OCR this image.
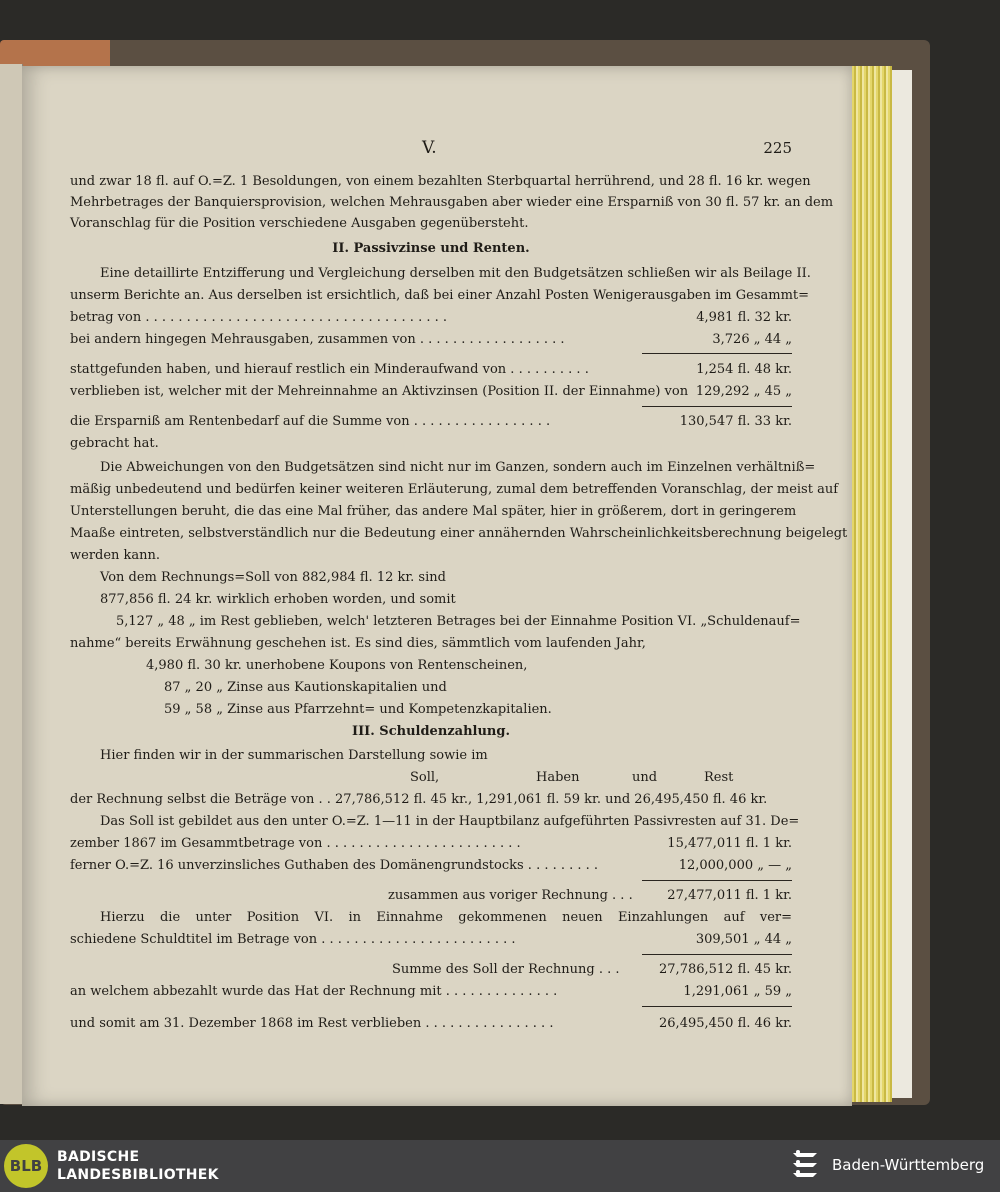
V.	225
und zwar 18 fl. auf O.=Z. 1 Besoldungen, von einem bezahlten Sterbquartal herrührend, und 28 fl. 16 kr. wegen
Mehrbetrages der Banquiersprovision, welchen Mehrausgaben aber wieder eine Ersparniß von 30 fl. 57 kr. an dem
Voranschlag für die Position verschiedene Ausgaben gegenübersteht.
II. Passivzinse und Renten.
Eine detaillirte Entzifferung und Vergleichung derselben mit den Budgetsätzen schließen wir als Beilage II.
unserm Berichte an. Aus derselben ist ersichtlich, daß bei einer Anzahl Posten Wenigerausgaben im Gesammt=
betrag von . . . . . . . . . . . . . . . . . . . . . . . . . . . . . . . . . . . . .	4,981 fl. 32 kr.
bei andern hingegen Mehrausgaben, zusammen von . . . . . . . . . . . . . . . . . .	3,726 „ 44 „
stattgefunden haben, und hierauf restlich ein Minderaufwand von . . . . . . . . . .	1,254 fl. 48 kr.
verblieben ist, welcher mit der Mehreinnahme an Aktivzinsen (Position II. der Einnahme) von 129,292 „ 45 „
die Ersparniß am Rentenbedarf auf die Summe von . . . . . . . . . . . . . . . . .	130,547 fl. 33 kr.
gebracht hat.
Die Abweichungen von den Budgetsätzen sind nicht nur im Ganzen, sondern auch im Einzelnen verhältniß=
mäßig unbedeutend und bedürfen keiner weiteren Erläuterung, zumal dem betreffenden Voranschlag, der meist auf
Unterstellungen beruht, die das eine Mal früher, das andere Mal später, hier in größerem, dort in geringerem
Maaße eintreten, selbstverständlich nur die Bedeutung einer annähernden Wahrscheinlichkeitsberechnung beigelegt
werden kann.
Von dem Rechnungs=Soll von 882,984 fl. 12 kr. sind
877,856 fl. 24 kr. wirklich erhoben worden, und somit
5,127 „ 48 „ im Rest geblieben, welch' letzteren Betrages bei der Einnahme Position VI. „Schuldenauf=
nahme“ bereits Erwähnung geschehen ist. Es sind dies, sämmtlich vom laufenden Jahr,
4,980 fl. 30 kr. unerhobene Koupons von Rentenscheinen,
87 „ 20 „ Zinse aus Kautionskapitalien und
59 „ 58 „ Zinse aus Pfarrzehnt= und Kompetenzkapitalien.
III. Schuldenzahlung.
Hier finden wir in der summarischen Darstellung sowie im
Soll,	Haben	und	Rest
der Rechnung selbst die Beträge von . . 27,786,512 fl. 45 kr., 1,291,061 fl. 59 kr. und 26,495,450 fl. 46 kr.
Das Soll ist gebildet aus den unter O.=Z. 1—11 in der Hauptbilanz aufgeführten Passivresten auf 31. De=
zember 1867 im Gesammtbetrage von . . . . . . . . . . . . . . . . . . . . . . . .	15,477,011 fl. 1 kr.
ferner O.=Z. 16 unverzinsliches Guthaben des Domänengrundstocks . . . . . . . . .	12,000,000 „ — „
zusammen aus voriger Rechnung . . .	27,477,011 fl. 1 kr.
Hierzu die unter Position VI. in Einnahme gekommenen neuen Einzahlungen auf ver=
schiedene Schuldtitel im Betrage von . . . . . . . . . . . . . . . . . . . . . . . .	309,501 „ 44 „
Summe des Soll der Rechnung . . .	27,786,512 fl. 45 kr.
an welchem abbezahlt wurde das Hat der Rechnung mit . . . . . . . . . . . . . .	1,291,061 „ 59 „
und somit am 31. Dezember 1868 im Rest verblieben . . . . . . . . . . . . . . . .	26,495,450 fl. 46 kr.
BLB	BADISCHE
LANDESBIBLIOTHEK
Baden-Württemberg
